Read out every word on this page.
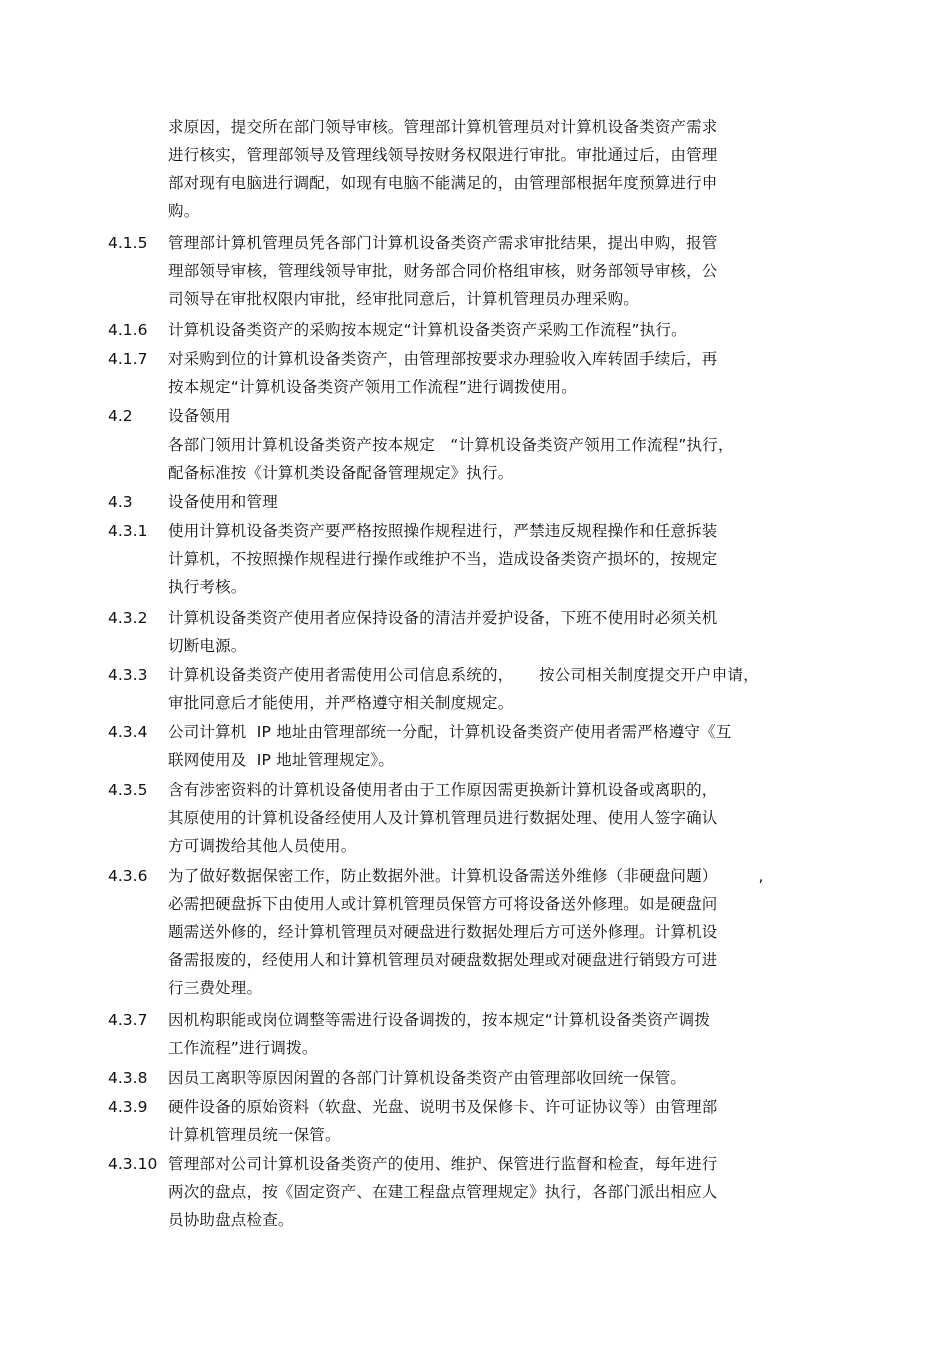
求原因，提交所在部门领导审核。管理部计算机管理员对计算机设备类资产需求
进行核实，管理部领导及管理线领导按财务权限进行审批。审批通过后，由管理
部对现有电脑进行调配，如现有电脑不能满足的，由管理部根据年度预算进行申
购。
4.1.5	管理部计算机管理员凭各部门计算机设备类资产需求审批结果，提出申购，报管
理部领导审核，管理线领导审批，财务部合同价格组审核，财务部领导审核，公
司领导在审批权限内审批，经审批同意后，计算机管理员办理采购。
4.1.6	计算机设备类资产的采购按本规定“计算机设备类资产采购工作流程”执行。
4.1.7	对采购到位的计算机设备类资产，由管理部按要求办理验收入库转固手续后，再
按本规定“计算机设备类资产领用工作流程”进行调拨使用。
4.2	设备领用
各部门领用计算机设备类资产按本规定   “计算机设备类资产领用工作流程”执行，
配备标准按《计算机类设备配备管理规定》执行。
4.3	设备使用和管理
4.3.1	使用计算机设备类资产要严格按照操作规程进行，严禁违反规程操作和任意拆装
计算机，不按照操作规程进行操作或维护不当，造成设备类资产损坏的，按规定
执行考核。
4.3.2	计算机设备类资产使用者应保持设备的清洁并爱护设备，下班不使用时必须关机
切断电源。
4.3.3	计算机设备类资产使用者需使用公司信息系统的，     按公司相关制度提交开户申请，
审批同意后才能使用，并严格遵守相关制度规定。
4.3.4	公司计算机  IP 地址由管理部统一分配，计算机设备类资产使用者需严格遵守《互
联网使用及  IP 地址管理规定》。
4.3.5	含有涉密资料的计算机设备使用者由于工作原因需更换新计算机设备或离职的，
其原使用的计算机设备经使用人及计算机管理员进行数据处理、使用人签字确认
方可调拨给其他人员使用。
4.3.6	为了做好数据保密工作，防止数据外泄。计算机设备需送外维修（非硬盘问题）        ,
必需把硬盘拆下由使用人或计算机管理员保管方可将设备送外修理。如是硬盘问
题需送外修的，经计算机管理员对硬盘进行数据处理后方可送外修理。计算机设
备需报废的，经使用人和计算机管理员对硬盘数据处理或对硬盘进行销毁方可进
行三费处理。
4.3.7	因机构职能或岗位调整等需进行设备调拨的，按本规定“计算机设备类资产调拨
工作流程”进行调拨。
4.3.8	因员工离职等原因闲置的各部门计算机设备类资产由管理部收回统一保管。
4.3.9	硬件设备的原始资料（软盘、光盘、说明书及保修卡、许可证协议等）由管理部
计算机管理员统一保管。
4.3.10 管理部对公司计算机设备类资产的使用、维护、保管进行监督和检查，每年进行
两次的盘点，按《固定资产、在建工程盘点管理规定》执行，各部门派出相应人
员协助盘点检查。
